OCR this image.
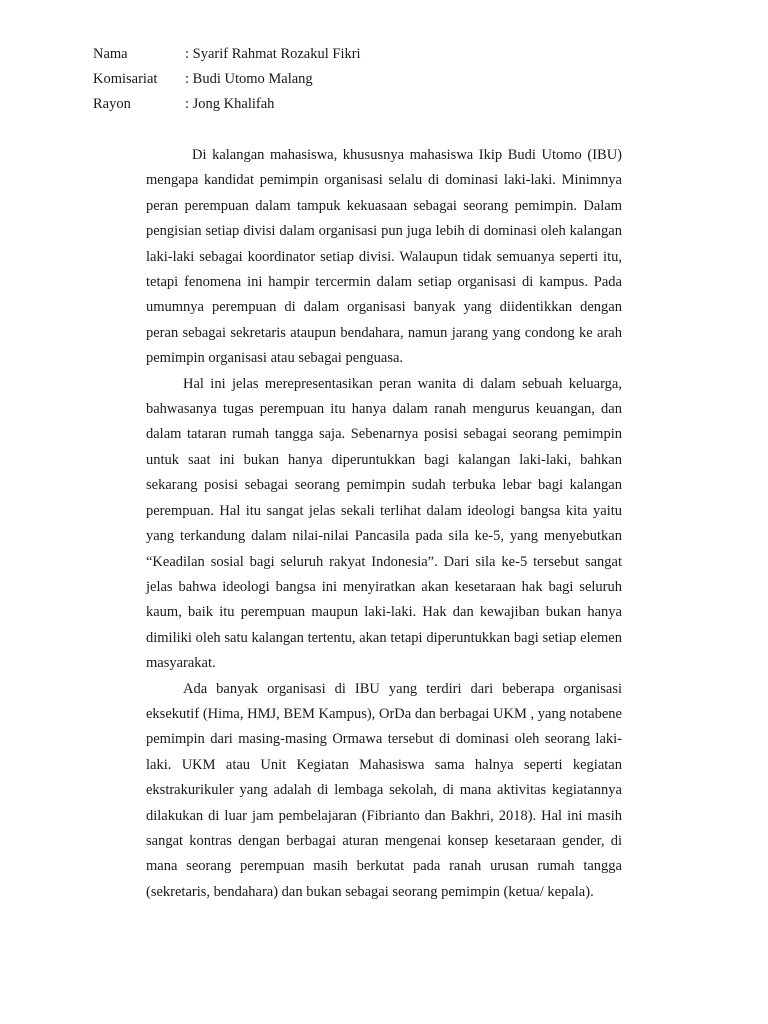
Nama	: Syarif Rahmat Rozakul Fikri
Komisariat	: Budi Utomo Malang
Rayon	: Jong Khalifah

Di kalangan mahasiswa, khususnya mahasiswa Ikip Budi Utomo (IBU) mengapa kandidat pemimpin organisasi selalu di dominasi laki-laki. Minimnya peran perempuan dalam tampuk kekuasaan sebagai seorang pemimpin. Dalam pengisian setiap divisi dalam organisasi pun juga lebih di dominasi oleh kalangan laki-laki sebagai koordinator setiap divisi. Walaupun tidak semuanya seperti itu, tetapi fenomena ini hampir tercermin dalam setiap organisasi di kampus. Pada umumnya perempuan di dalam organisasi banyak yang diidentikkan dengan peran sebagai sekretaris ataupun bendahara, namun jarang yang condong ke arah pemimpin organisasi atau sebagai penguasa.

Hal ini jelas merepresentasikan peran wanita di dalam sebuah keluarga, bahwasanya tugas perempuan itu hanya dalam ranah mengurus keuangan, dan dalam tataran rumah tangga saja. Sebenarnya posisi sebagai seorang pemimpin untuk saat ini bukan hanya diperuntukkan bagi kalangan laki-laki, bahkan sekarang posisi sebagai seorang pemimpin sudah terbuka lebar bagi kalangan perempuan. Hal itu sangat jelas sekali terlihat dalam ideologi bangsa kita yaitu yang terkandung dalam nilai-nilai Pancasila pada sila ke-5, yang menyebutkan “Keadilan sosial bagi seluruh rakyat Indonesia”. Dari sila ke-5 tersebut sangat jelas bahwa ideologi bangsa ini menyiratkan akan kesetaraan hak bagi seluruh kaum, baik itu perempuan maupun laki-laki. Hak dan kewajiban bukan hanya dimiliki oleh satu kalangan tertentu, akan tetapi diperuntukkan bagi setiap elemen masyarakat.

Ada banyak organisasi di IBU yang terdiri dari beberapa organisasi eksekutif (Hima, HMJ, BEM Kampus), OrDa dan berbagai UKM , yang notabene pemimpin dari masing-masing Ormawa tersebut di dominasi oleh seorang laki-laki. UKM atau Unit Kegiatan Mahasiswa sama halnya seperti kegiatan ekstrakurikuler yang adalah di lembaga sekolah, di mana aktivitas kegiatannya dilakukan di luar jam pembelajaran (Fibrianto dan Bakhri, 2018). Hal ini masih sangat kontras dengan berbagai aturan mengenai konsep kesetaraan gender, di mana seorang perempuan masih berkutat pada ranah urusan rumah tangga (sekretaris, bendahara) dan bukan sebagai seorang pemimpin (ketua/ kepala).
